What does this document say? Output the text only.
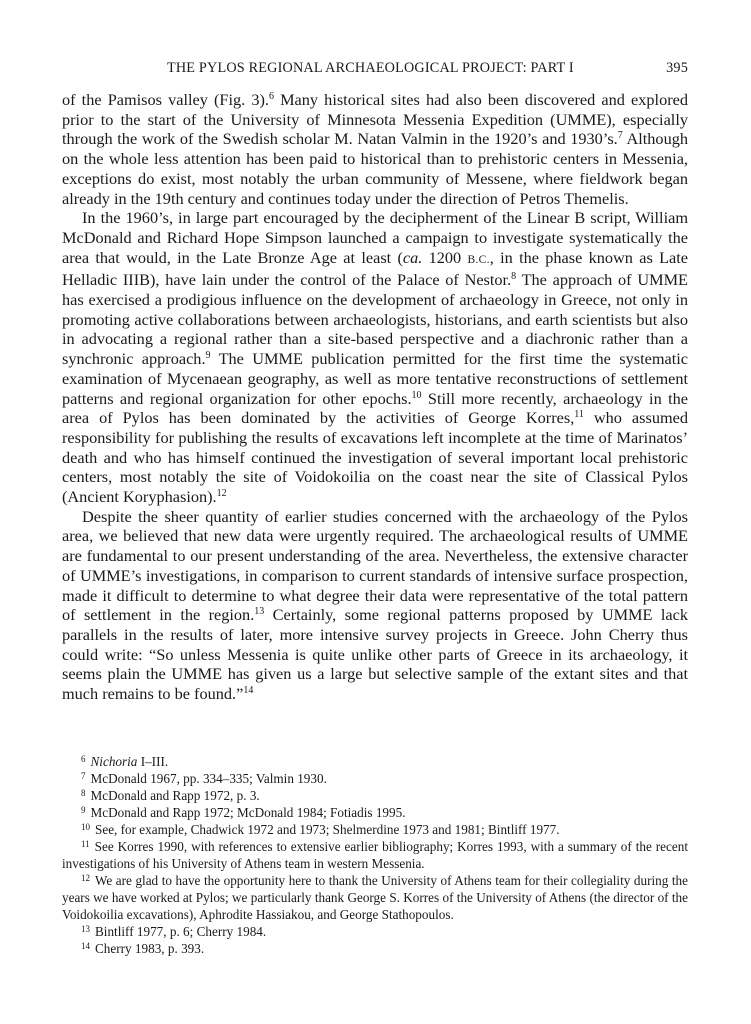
THE PYLOS REGIONAL ARCHAEOLOGICAL PROJECT: PART I	395

of the Pamisos valley (Fig. 3).$^6$ Many historical sites had also been discovered and explored prior to the start of the University of Minnesota Messenia Expedition (UMME), especially through the work of the Swedish scholar M. Natan Valmin in the 1920’s and 1930’s.$^7$ Although on the whole less attention has been paid to historical than to prehistoric centers in Messenia, exceptions do exist, most notably the urban community of Messene, where fieldwork began already in the 19th century and continues today under the direction of Petros Themelis.

In the 1960’s, in large part encouraged by the decipherment of the Linear B script, William McDonald and Richard Hope Simpson launched a campaign to investigate systematically the area that would, in the Late Bronze Age at least (ca. 1200 B.C., in the phase known as Late Helladic IIIB), have lain under the control of the Palace of Nestor.$^8$ The approach of UMME has exercised a prodigious influence on the development of archaeology in Greece, not only in promoting active collaborations between archaeologists, historians, and earth scientists but also in advocating a regional rather than a site-based perspective and a diachronic rather than a synchronic approach.$^9$ The UMME publication permitted for the first time the systematic examination of Mycenaean geography, as well as more tentative reconstructions of settlement patterns and regional organization for other epochs.$^{10}$ Still more recently, archaeology in the area of Pylos has been dominated by the activities of George Korres,$^{11}$ who assumed responsibility for publishing the results of excavations left incomplete at the time of Marinatos’ death and who has himself continued the investigation of several important local prehistoric centers, most notably the site of Voidokoilia on the coast near the site of Classical Pylos (Ancient Koryphasion).$^{12}$

Despite the sheer quantity of earlier studies concerned with the archaeology of the Pylos area, we believed that new data were urgently required. The archaeological results of UMME are fundamental to our present understanding of the area. Nevertheless, the extensive character of UMME’s investigations, in comparison to current standards of intensive surface prospection, made it difficult to determine to what degree their data were representative of the total pattern of settlement in the region.$^{13}$ Certainly, some regional patterns proposed by UMME lack parallels in the results of later, more intensive survey projects in Greece. John Cherry thus could write: “So unless Messenia is quite unlike other parts of Greece in its archaeology, it seems plain the UMME has given us a large but selective sample of the extant sites and that much remains to be found.”$^{14}$

$^6$ Nichoria I–III.

$^7$ McDonald 1967, pp. 334–335; Valmin 1930.

$^8$ McDonald and Rapp 1972, p. 3.

$^9$ McDonald and Rapp 1972; McDonald 1984; Fotiadis 1995.

$^{10}$ See, for example, Chadwick 1972 and 1973; Shelmerdine 1973 and 1981; Bintliff 1977.

$^{11}$ See Korres 1990, with references to extensive earlier bibliography; Korres 1993, with a summary of the recent investigations of his University of Athens team in western Messenia.

$^{12}$ We are glad to have the opportunity here to thank the University of Athens team for their collegiality during the years we have worked at Pylos; we particularly thank George S. Korres of the University of Athens (the director of the Voidokoilia excavations), Aphrodite Hassiakou, and George Stathopoulos.

$^{13}$ Bintliff 1977, p. 6; Cherry 1984.

$^{14}$ Cherry 1983, p. 393.
